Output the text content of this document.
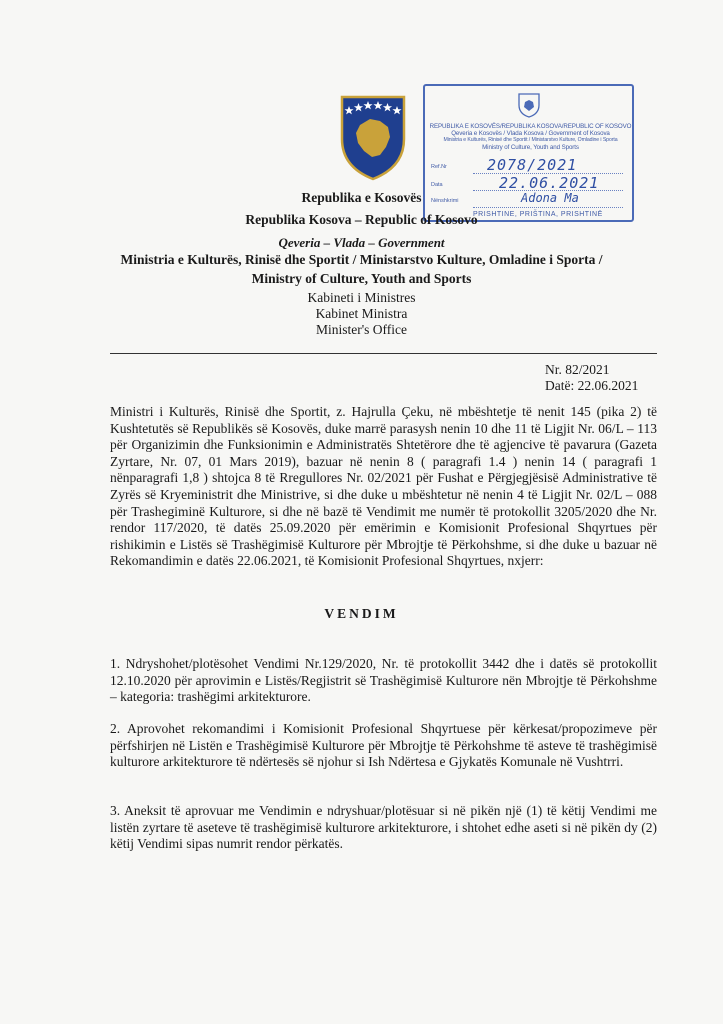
REPUBLIKA E KOSOVËS/REPUBLIKA KOSOVA/REPUBLIC OF KOSOVO
Qeveria e Kosovës / Vlada Kosova / Government of Kosova
Ministria e Kulturës, Rinisë dhe Sportit / Ministarstvo Kulture, Omladine i Sporta
Ministry of Culture, Youth and Sports
Ref.Nr	2078/2021
Data	22.06.2021
Nënshkrimi	Adona Ma
PRISHTINE, PRIŠTINA, PRISHTINË
Republika e Kosovës
Republika Kosova – Republic of Kosovo
Qeveria – Vlada – Government
Ministria e Kulturës, Rinisë dhe Sportit / Ministarstvo Kulture, Omladine i Sporta /
Ministry of Culture, Youth and Sports
Kabineti i Ministres
Kabinet Ministra
Minister's Office
Nr. 82/2021
Datë: 22.06.2021
Ministri i Kulturës, Rinisë dhe Sportit, z. Hajrulla Çeku, në mbështetje të nenit 145 (pika 2) të Kushtetutës së Republikës së Kosovës, duke marrë parasysh nenin 10 dhe 11 të Ligjit Nr. 06/L – 113 për Organizimin dhe Funksionimin e Administratës Shtetërore dhe të agjencive të pavarura (Gazeta Zyrtare, Nr. 07, 01 Mars 2019), bazuar në nenin 8 ( paragrafi 1.4 ) nenin 14 ( paragrafi 1 nënparagrafi 1,8 ) shtojca 8 të Rregullores Nr. 02/2021 për Fushat e Përgjegjësisë Administrative të Zyrës së Kryeministrit dhe Ministrive, si dhe duke u mbështetur në nenin 4 të Ligjit Nr. 02/L – 088 për Trashegiminë Kulturore, si dhe në bazë të Vendimit me numër të protokollit 3205/2020 dhe Nr. rendor 117/2020, të datës 25.09.2020 për emërimin e Komisionit Profesional Shqyrtues për rishikimin e Listës së Trashëgimisë Kulturore për Mbrojtje të Përkohshme, si dhe duke u bazuar në Rekomandimin e datës 22.06.2021, të Komisionit Profesional Shqyrtues, nxjerr:
VENDIM
1. Ndryshohet/plotësohet Vendimi Nr.129/2020, Nr. të protokollit 3442 dhe i datës së protokollit 12.10.2020 për aprovimin e Listës/Regjistrit së Trashëgimisë Kulturore nën Mbrojtje të Përkohshme – kategoria: trashëgimi arkitekturore.
2. Aprovohet rekomandimi i Komisionit Profesional Shqyrtuese për kërkesat/propozimeve për përfshirjen në Listën e Trashëgimisë Kulturore për Mbrojtje të Përkohshme të asteve të trashëgimisë kulturore arkitekturore të ndërtesës së njohur si Ish Ndërtesa e Gjykatës Komunale në Vushtrri.
3. Aneksit të aprovuar me Vendimin e ndryshuar/plotësuar si në pikën një (1) të këtij Vendimi me listën zyrtare të aseteve të trashëgimisë kulturore arkitekturore, i shtohet edhe aseti si në pikën dy (2) këtij Vendimi sipas numrit rendor përkatës.
